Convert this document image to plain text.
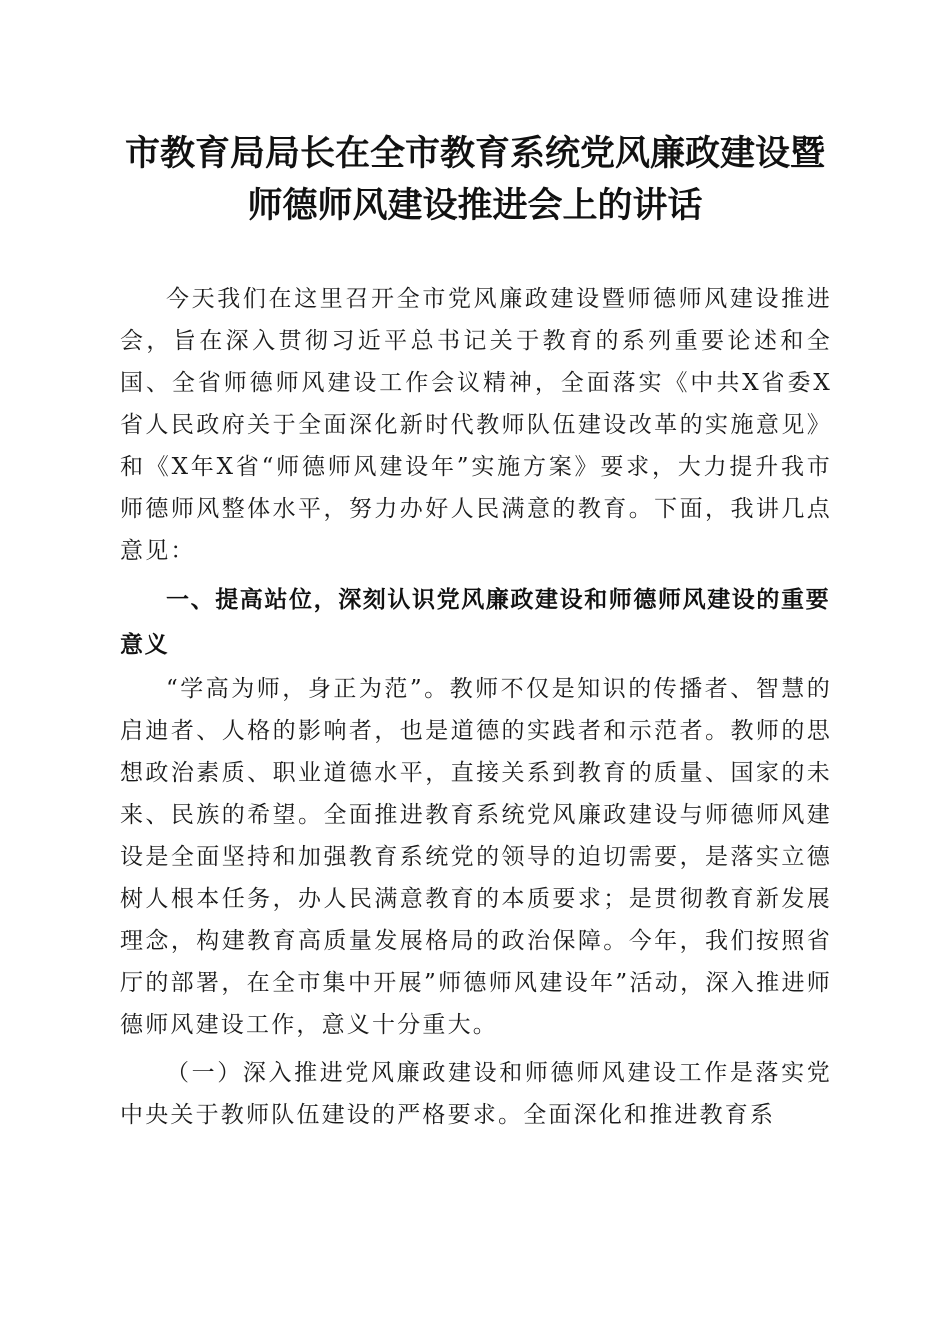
市教育局局长在全市教育系统党风廉政建设暨
师德师风建设推进会上的讲话

今天我们在这里召开全市党风廉政建设暨师德师风建设推进会，旨在深入贯彻习近平总书记关于教育的系列重要论述和全国、全省师德师风建设工作会议精神，全面落实《中共X省委X省人民政府关于全面深化新时代教师队伍建设改革的实施意见》和《X年X省“师德师风建设年”实施方案》要求，大力提升我市师德师风整体水平，努力办好人民满意的教育。下面，我讲几点意见：

一、提高站位，深刻认识党风廉政建设和师德师风建设的重要意义

“学高为师，身正为范”。教师不仅是知识的传播者、智慧的启迪者、人格的影响者，也是道德的实践者和示范者。教师的思想政治素质、职业道德水平，直接关系到教育的质量、国家的未来、民族的希望。全面推进教育系统党风廉政建设与师德师风建设是全面坚持和加强教育系统党的领导的迫切需要，是落实立德树人根本任务，办人民满意教育的本质要求；是贯彻教育新发展理念，构建教育高质量发展格局的政治保障。今年，我们按照省厅的部署，在全市集中开展”师德师风建设年”活动，深入推进师德师风建设工作，意义十分重大。

（一）深入推进党风廉政建设和师德师风建设工作是落实党中央关于教师队伍建设的严格要求。全面深化和推进教育系
